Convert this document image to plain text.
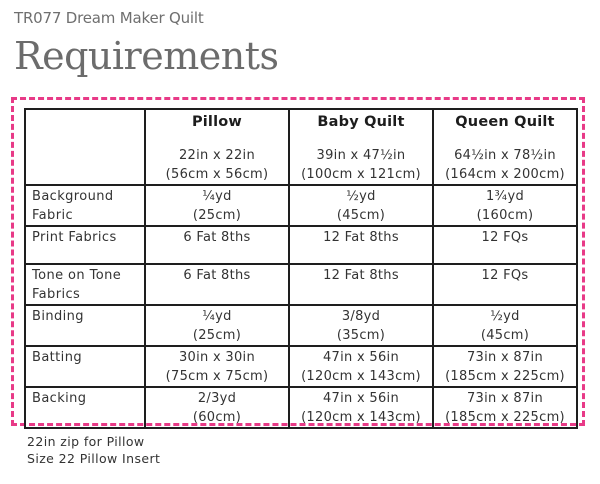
TR077 Dream Maker Quilt
Requirements

	Pillow
22in x 22in
(56cm x 56cm)	Baby Quilt
39in x 47½in
(100cm x 121cm)	Queen Quilt
64½in x 78½in
(164cm x 200cm)

Background
Fabric	¼yd
(25cm)	½yd
(45cm)	1¾yd
(160cm)

Print Fabrics	6 Fat 8ths	12 Fat 8ths	12 FQs

Tone on Tone
Fabrics	6 Fat 8ths	12 Fat 8ths	12 FQs

Binding	¼yd
(25cm)	3/8yd
(35cm)	½yd
(45cm)

Batting	30in x 30in
(75cm x 75cm)	47in x 56in
(120cm x 143cm)	73in x 87in
(185cm x 225cm)

Backing	2/3yd
(60cm)	47in x 56in
(120cm x 143cm)	73in x 87in
(185cm x 225cm)
22in zip for Pillow
Size 22 Pillow Insert
